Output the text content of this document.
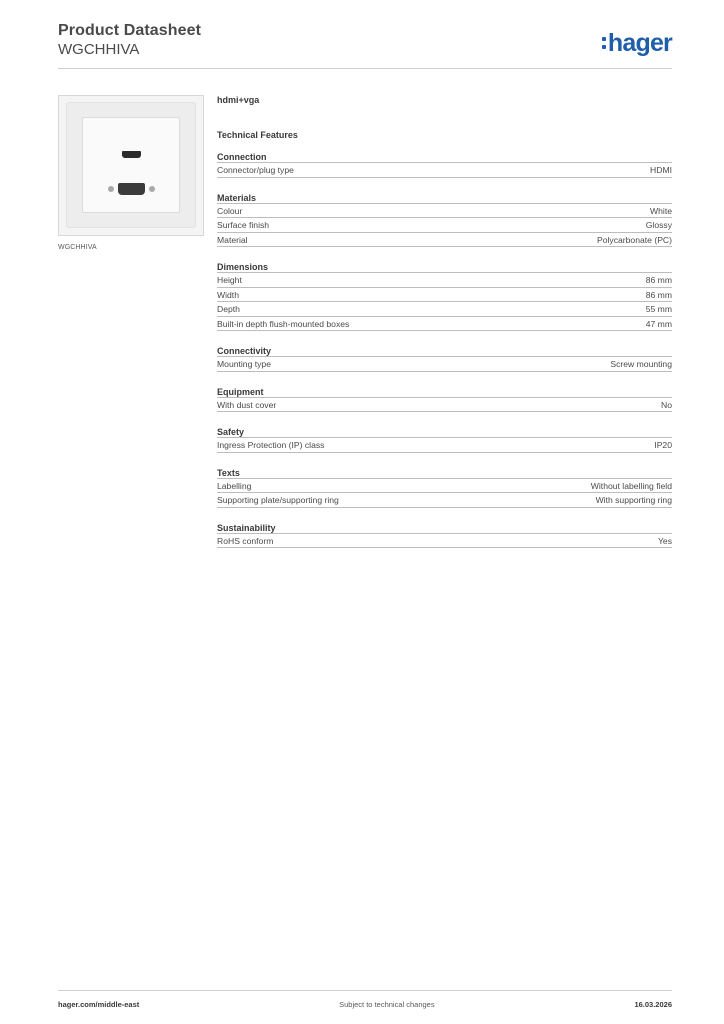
Product Datasheet
WGCHHIVA	hager
WGCHHIVA
hdmi+vga
Technical Features
Connection
Connector/plug type	HDMI
Materials
Colour	White
Surface finish	Glossy
Material	Polycarbonate (PC)
Dimensions
Height	86 mm
Width	86 mm
Depth	55 mm
Built-in depth flush-mounted boxes	47 mm
Connectivity
Mounting type	Screw mounting
Equipment
With dust cover	No
Safety
Ingress Protection (IP) class	IP20
Texts
Labelling	Without labelling field
Supporting plate/supporting ring	With supporting ring
Sustainability
RoHS conform	Yes
hager.com/middle-east	Subject to technical changes	16.03.2026
